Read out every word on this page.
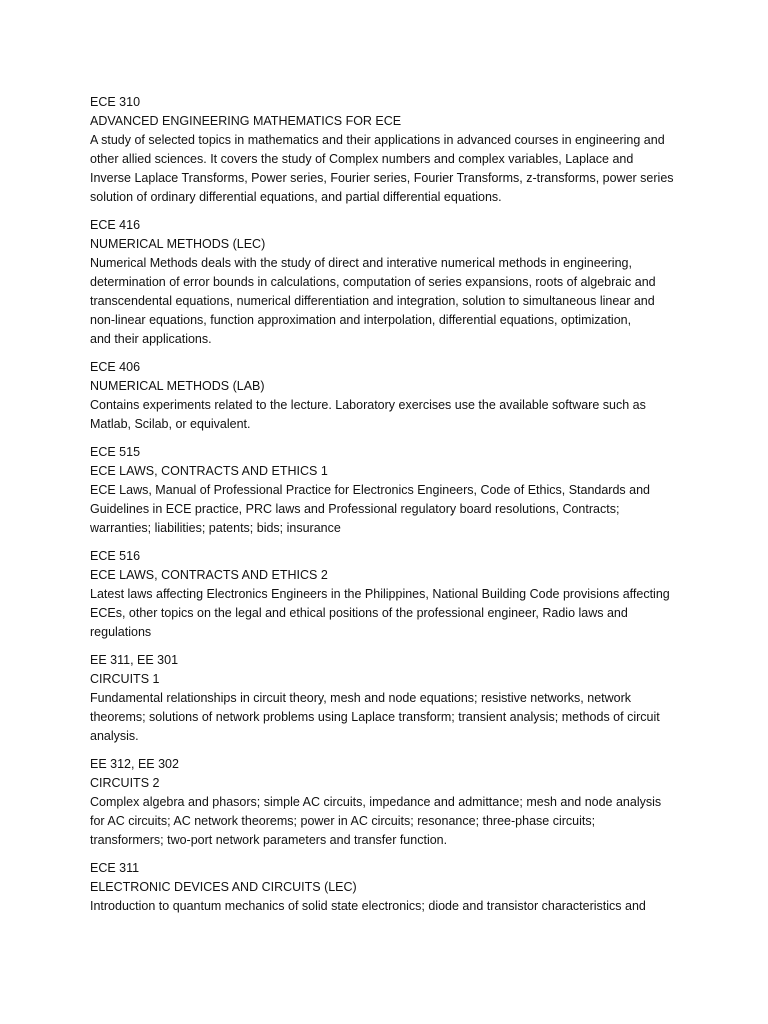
ECE 310

ADVANCED ENGINEERING MATHEMATICS FOR ECE

A study of selected topics in mathematics and their applications in advanced courses in engineering and
other allied sciences. It covers the study of Complex numbers and complex variables, Laplace and
Inverse Laplace Transforms, Power series, Fourier series, Fourier Transforms, z-transforms, power series
solution of ordinary differential equations, and partial differential equations.

ECE 416

NUMERICAL METHODS (LEC)

Numerical Methods deals with the study of direct and interative numerical methods in engineering,
determination of error bounds in calculations, computation of series expansions, roots of algebraic and
transcendental equations, numerical differentiation and integration, solution to simultaneous linear and
non-linear equations, function approximation and interpolation, differential equations, optimization,
and their applications.

ECE 406

NUMERICAL METHODS (LAB)

Contains experiments related to the lecture. Laboratory exercises use the available software such as
Matlab, Scilab, or equivalent.

ECE 515

ECE LAWS, CONTRACTS AND ETHICS 1

ECE Laws, Manual of Professional Practice for Electronics Engineers, Code of Ethics, Standards and
Guidelines in ECE practice, PRC laws and Professional regulatory board resolutions, Contracts;
warranties; liabilities; patents; bids; insurance

ECE 516

ECE LAWS, CONTRACTS AND ETHICS 2

Latest laws affecting Electronics Engineers in the Philippines, National Building Code provisions affecting
ECEs, other topics on the legal and ethical positions of the professional engineer, Radio laws and
regulations

EE 311, EE 301

CIRCUITS 1

Fundamental relationships in circuit theory, mesh and node equations; resistive networks, network
theorems; solutions of network problems using Laplace transform; transient analysis; methods of circuit
analysis.

EE 312, EE 302

CIRCUITS 2

Complex algebra and phasors; simple AC circuits, impedance and admittance; mesh and node analysis
for AC circuits; AC network theorems; power in AC circuits; resonance; three-phase circuits;
transformers; two-port network parameters and transfer function.

ECE 311

ELECTRONIC DEVICES AND CIRCUITS (LEC)

Introduction to quantum mechanics of solid state electronics; diode and transistor characteristics and
